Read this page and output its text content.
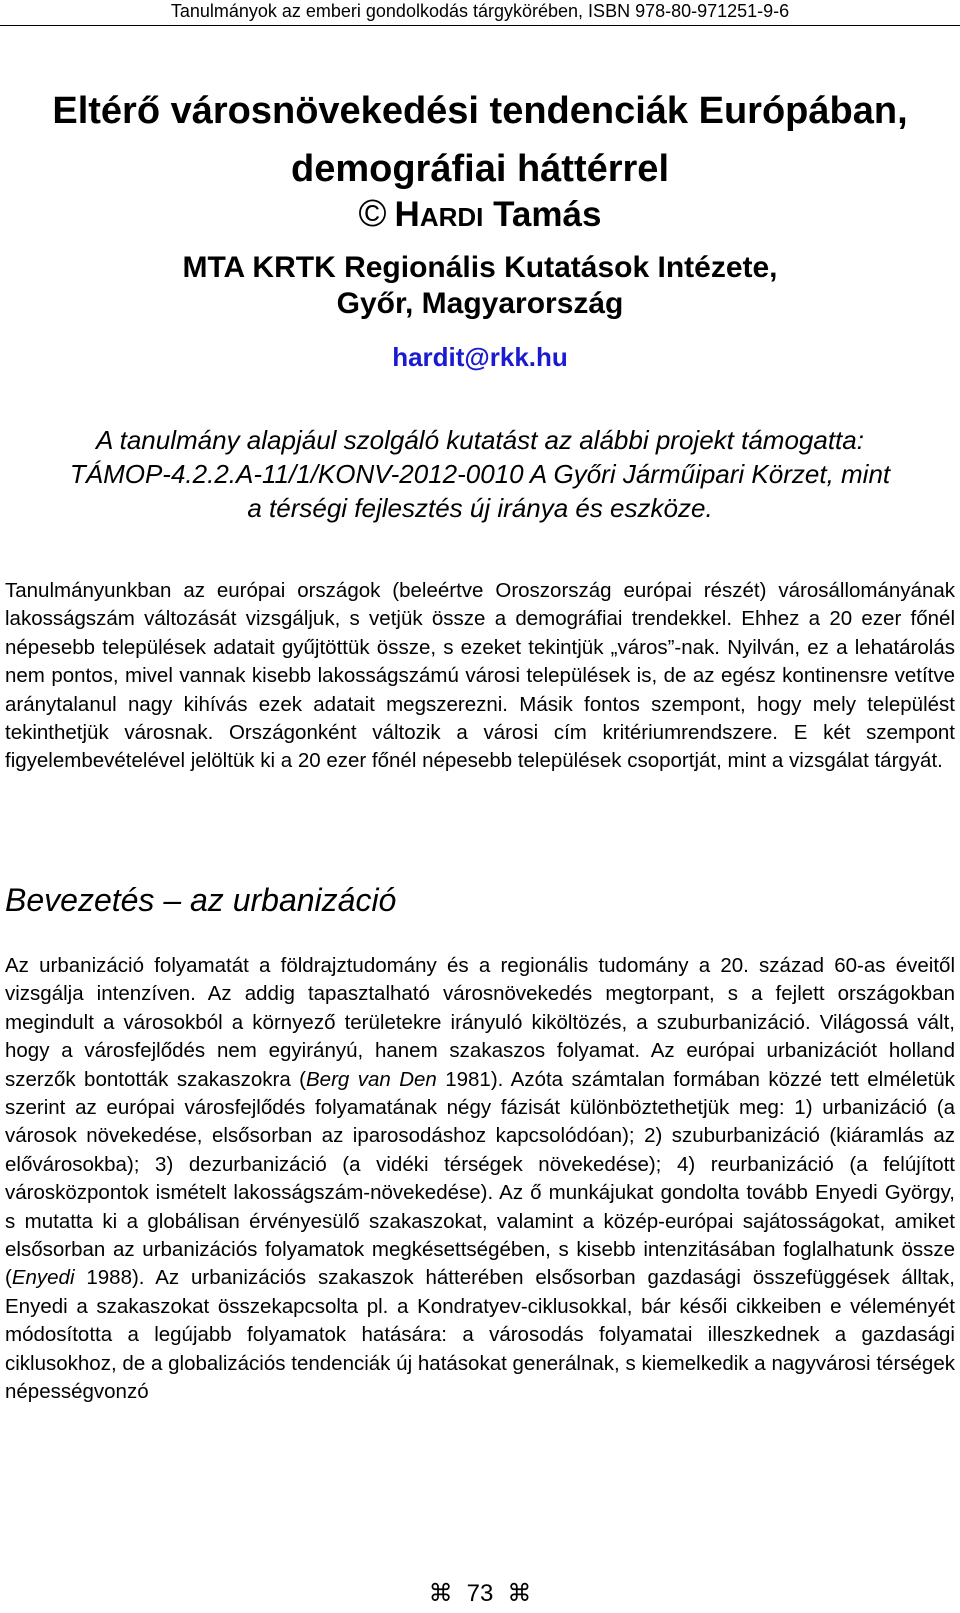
Tanulmányok az emberi gondolkodás tárgykörében, ISBN 978-80-971251-9-6
Eltérő városnövekedési tendenciák Európában,
demográfiai háttérrel
© HARDI Tamás
MTA KRTK Regionális Kutatások Intézete,
Győr, Magyarország
hardit@rkk.hu
A tanulmány alapjául szolgáló kutatást az alábbi projekt támogatta:
TÁMOP-4.2.2.A-11/1/KONV-2012-0010 A Győri Járműipari Körzet, mint
a térségi fejlesztés új iránya és eszköze.
Tanulmányunkban az európai országok (beleértve Oroszország európai részét) városállományának lakosságszám változását vizsgáljuk, s vetjük össze a demográfiai trendekkel. Ehhez a 20 ezer főnél népesebb települések adatait gyűjtöttük össze, s ezeket tekintjük „város”-nak. Nyilván, ez a lehatárolás nem pontos, mivel vannak kisebb lakosságszámú városi települések is, de az egész kontinensre vetítve aránytalanul nagy kihívás ezek adatait megszerezni. Másik fontos szempont, hogy mely települést tekinthetjük városnak. Országonként változik a városi cím kritériumrendszere. E két szempont figyelembevételével jelöltük ki a 20 ezer főnél népesebb települések csoportját, mint a vizsgálat tárgyát.
Bevezetés – az urbanizáció
Az urbanizáció folyamatát a földrajztudomány és a regionális tudomány a 20. század 60-as éveitől vizsgálja intenzíven. Az addig tapasztalható városnövekedés megtorpant, s a fejlett országokban megindult a városokból a környező területekre irányuló kiköltözés, a szuburbanizáció. Világossá vált, hogy a városfejlődés nem egyirányú, hanem szakaszos folyamat. Az európai urbanizációt holland szerzők bontották szakaszokra (Berg van Den 1981). Azóta számtalan formában közzé tett elméletük szerint az európai városfejlődés folyamatának négy fázisát különböztethetjük meg: 1) urbanizáció (a városok növekedése, elsősorban az iparosodáshoz kapcsolódóan); 2) szuburbanizáció (kiáramlás az elővárosokba); 3) dezurbanizáció (a vidéki térségek növekedése); 4) reurbanizáció (a felújított városközpontok ismételt lakosságszám-növekedése). Az ő munkájukat gondolta tovább Enyedi György, s mutatta ki a globálisan érvényesülő szakaszokat, valamint a közép-európai sajátosságokat, amiket elsősorban az urbanizációs folyamatok megkésettségében, s kisebb intenzitásában foglalhatunk össze (Enyedi 1988). Az urbanizációs szakaszok hátterében elsősorban gazdasági összefüggések álltak, Enyedi a szakaszokat összekapcsolta pl. a Kondratyev-ciklusokkal, bár késői cikkeiben e véleményét módosította a legújabb folyamatok hatására: a városodás folyamatai illeszkednek a gazdasági ciklusokhoz, de a globalizációs tendenciák új hatásokat generálnak, s kiemelkedik a nagyvárosi térségek népességvonzó
⌘ 73 ⌘
